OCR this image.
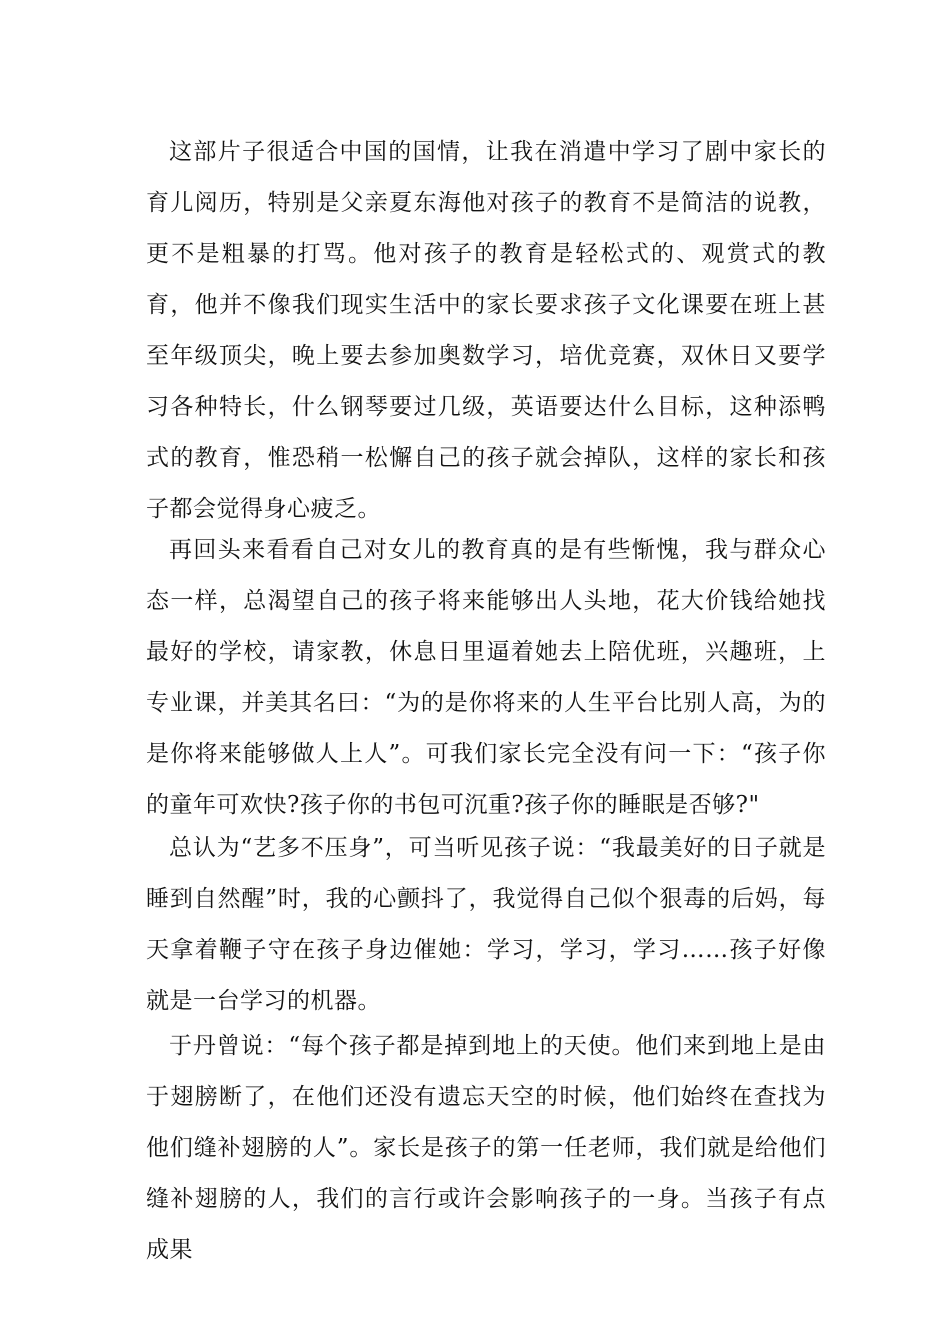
这部片子很适合中国的国情，让我在消遣中学习了剧中家长的育儿阅历，特别是父亲夏东海他对孩子的教育不是简洁的说教，更不是粗暴的打骂。他对孩子的教育是轻松式的、观赏式的教育，他并不像我们现实生活中的家长要求孩子文化课要在班上甚至年级顶尖，晚上要去参加奥数学习，培优竞赛，双休日又要学习各种特长，什么钢琴要过几级，英语要达什么目标，这种添鸭式的教育，惟恐稍一松懈自己的孩子就会掉队，这样的家长和孩子都会觉得身心疲乏。

再回头来看看自己对女儿的教育真的是有些惭愧，我与群众心态一样，总渴望自己的孩子将来能够出人头地，花大价钱给她找最好的学校，请家教，休息日里逼着她去上陪优班，兴趣班，上专业课，并美其名曰：“为的是你将来的人生平台比别人高，为的是你将来能够做人上人”。可我们家长完全没有问一下：“孩子你的童年可欢快?孩子你的书包可沉重?孩子你的睡眠是否够?"

总认为“艺多不压身”，可当听见孩子说：“我最美好的日子就是睡到自然醒”时，我的心颤抖了，我觉得自己似个狠毒的后妈，每天拿着鞭子守在孩子身边催她：学习，学习，学习……孩子好像就是一台学习的机器。

于丹曾说：“每个孩子都是掉到地上的天使。他们来到地上是由于翅膀断了，在他们还没有遗忘天空的时候，他们始终在查找为他们缝补翅膀的人”。家长是孩子的第一任老师，我们就是给他们缝补翅膀的人，我们的言行或许会影响孩子的一身。当孩子有点成果
